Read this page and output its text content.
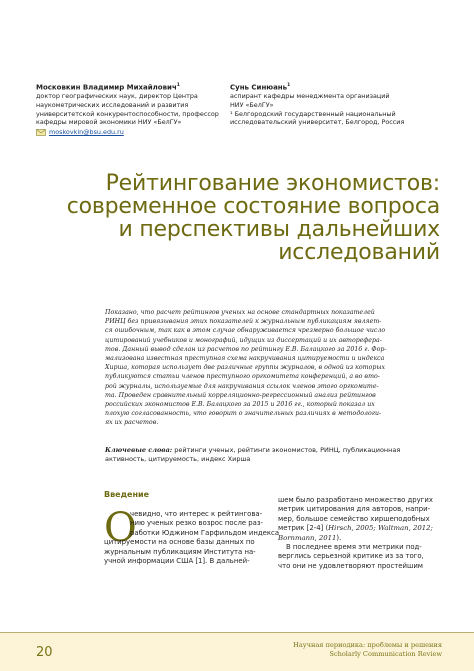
Московкин Владимир Михайлович$^1$
доктор географических наук, директор Центра
наукометрических исследований и развития
университетской конкурентоспособности, профессор
кафедры мировой экономики НИУ «БелГУ»
moskovkin@bsu.edu.ru
Сунь Синюань$^1$
аспирант кафедры менеджмента организаций
НИУ «БелГУ»
¹ Белгородский государственный национальный
исследовательский университет, Белгород, Россия
Рейтингование экономистов:
современное состояние вопроса
и перспективы дальнейших
исследований
Показано, что расчет рейтингов ученых на основе стандартных показателей
РИНЦ без привязывания этих показателей к журнальным публикациям являет-
ся ошибочным, так как в этом случае обнаруживается чрезмерно большое число
цитирований учебников и монографий, идущих из диссертаций и их авторефера-
тов. Данный вывод сделан из расчетов по рейтингу Е.В. Балацкого за 2016 г. Фор-
мализована известная преступная схема накручивания цитируемости и индекса
Хирша, которая использует две различные группы журналов, в одной из которых
публикуются статьи членов преступного оргкомитета конференций, а во вто-
рой журналы, используемые для накручивания ссылок членов этого оргкомите-
та. Проведен сравнительный корреляционно-регрессионный анализ рейтингов
российских экономистов Е.В. Балацкого за 2015 и 2016 гг., который показал их
плохую согласованность, что говорит о значительных различиях в методологи-
ях их расчетов.
Ключевые слова: рейтинги ученых, рейтинги экономистов, РИНЦ, публикационная
активность, цитируемость, индекс Хирша
Введение
О
чевидно, что интерес к рейтингова-
нию ученых резко возрос после раз-
работки Юджином Гарфильдом индекса
цитируемости на основе базы данных по
журнальным публикациям Института на-
учной информации США [1]. В дальней-
шем было разработано множество других
метрик цитирования для авторов, напри-
мер, большое семейство хиршеподобных
метрик [2-4] (Hirsch, 2005; Waltman, 2012;
Bornmann, 2011).
В последнее время эти метрики под-
верглись серьезной критике из за того,
что они не удовлетворяют простейшим
20	Научная периодика: проблемы и решения
Scholarly Communication Review
